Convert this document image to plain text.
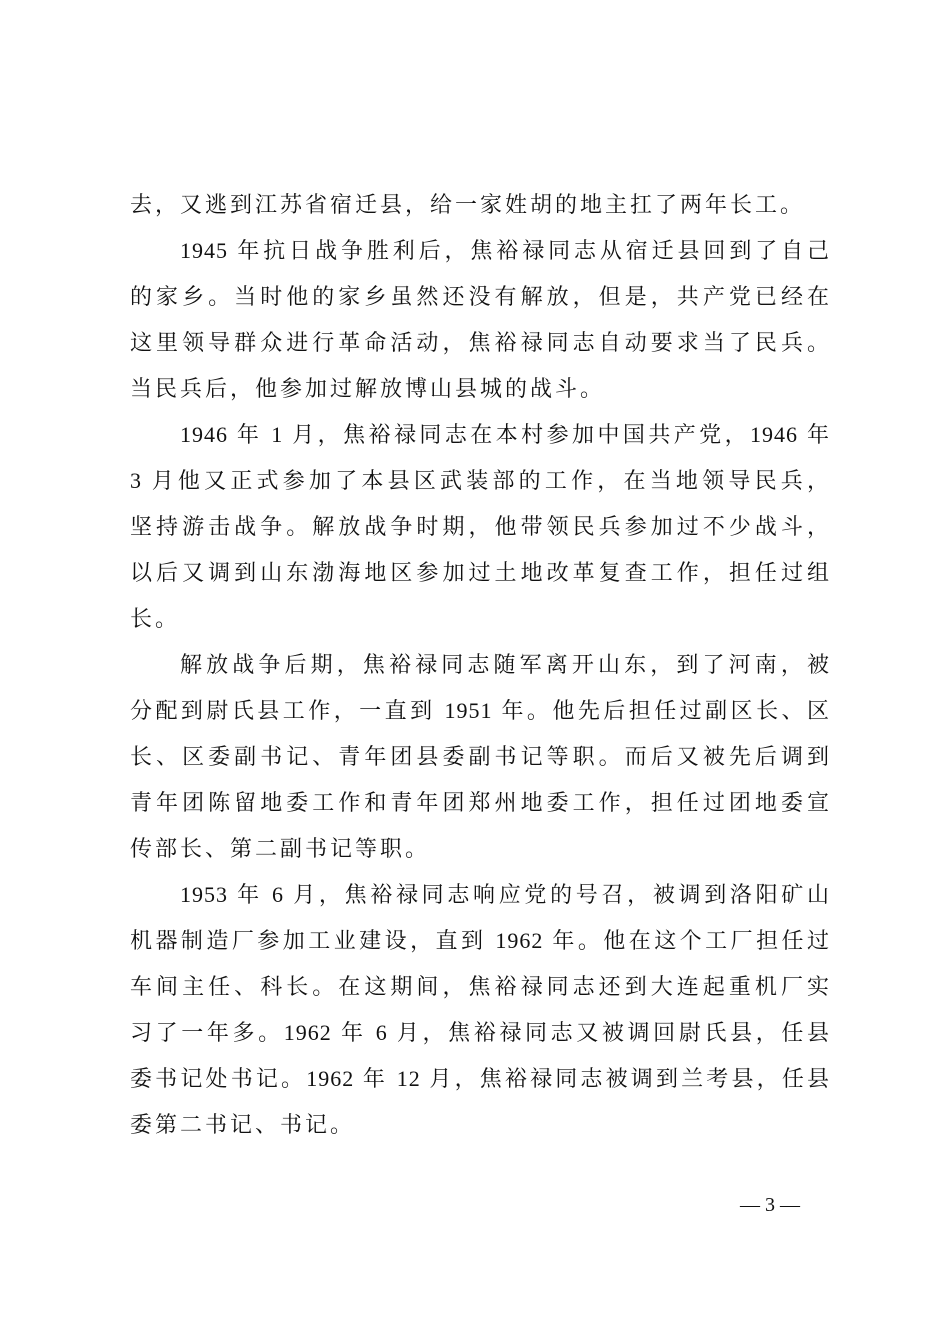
去，又逃到江苏省宿迁县，给一家姓胡的地主扛了两年长工。
1945 年抗日战争胜利后，焦裕禄同志从宿迁县回到了自己
的家乡。当时他的家乡虽然还没有解放，但是，共产党已经在
这里领导群众进行革命活动，焦裕禄同志自动要求当了民兵。
当民兵后，他参加过解放博山县城的战斗。
1946 年 1 月，焦裕禄同志在本村参加中国共产党，1946 年
3 月他又正式参加了本县区武装部的工作，在当地领导民兵，
坚持游击战争。解放战争时期，他带领民兵参加过不少战斗，
以后又调到山东渤海地区参加过土地改革复查工作，担任过组
长。
解放战争后期，焦裕禄同志随军离开山东，到了河南，被
分配到尉氏县工作，一直到 1951 年。他先后担任过副区长、区
长、区委副书记、青年团县委副书记等职。而后又被先后调到
青年团陈留地委工作和青年团郑州地委工作，担任过团地委宣
传部长、第二副书记等职。
1953 年 6 月，焦裕禄同志响应党的号召，被调到洛阳矿山
机器制造厂参加工业建设，直到 1962 年。他在这个工厂担任过
车间主任、科长。在这期间，焦裕禄同志还到大连起重机厂实
习了一年多。1962 年 6 月，焦裕禄同志又被调回尉氏县，任县
委书记处书记。1962 年 12 月，焦裕禄同志被调到兰考县，任县
委第二书记、书记。
— 3 —
